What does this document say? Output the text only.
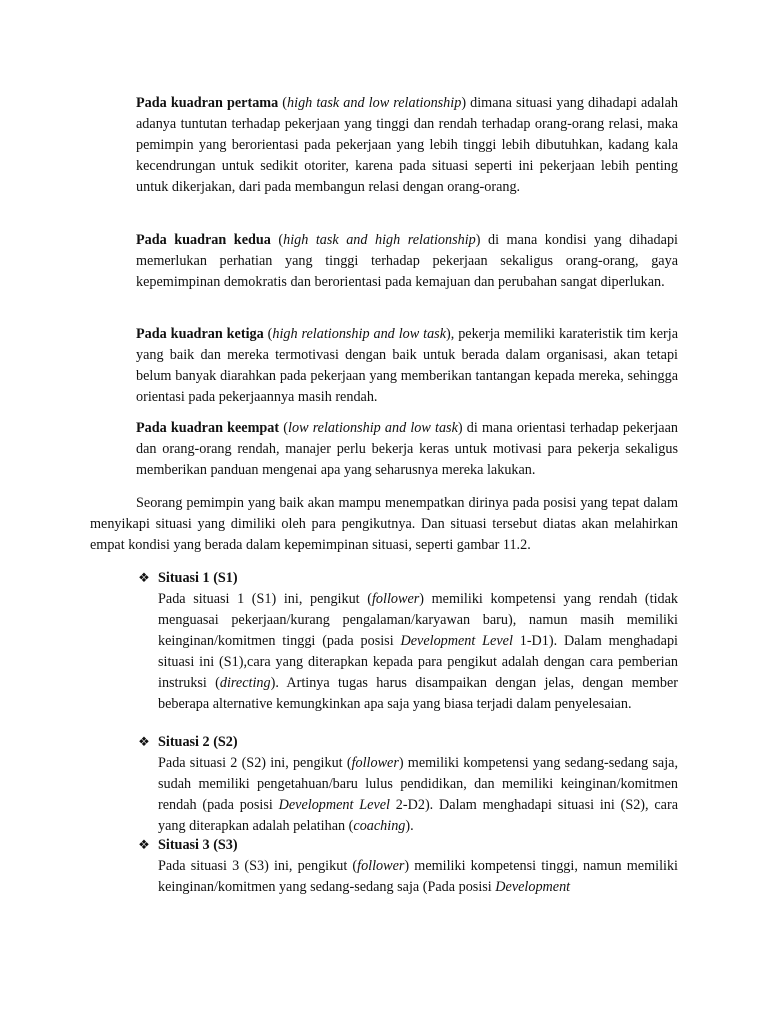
Pada kuadran pertama (high task and low relationship) dimana situasi yang dihadapi adalah adanya tuntutan terhadap pekerjaan yang tinggi dan rendah terhadap orang-orang relasi, maka pemimpin yang berorientasi pada pekerjaan yang lebih tinggi lebih dibutuhkan, kadang kala kecendrungan untuk sedikit otoriter, karena pada situasi seperti ini pekerjaan lebih penting untuk dikerjakan, dari pada membangun relasi dengan orang-orang.

Pada kuadran kedua (high task and high relationship) di mana kondisi yang dihadapi memerlukan perhatian yang tinggi terhadap pekerjaan sekaligus orang-orang, gaya kepemimpinan demokratis dan berorientasi pada kemajuan dan perubahan sangat diperlukan.

Pada kuadran ketiga (high relationship and low task), pekerja memiliki karateristik tim kerja yang baik dan mereka termotivasi dengan baik untuk berada dalam organisasi, akan tetapi belum banyak diarahkan pada pekerjaan yang memberikan tantangan kepada mereka, sehingga orientasi pada pekerjaannya masih rendah.

Pada kuadran keempat (low relationship and low task) di mana orientasi terhadap pekerjaan dan orang-orang rendah, manajer perlu bekerja keras untuk motivasi para pekerja sekaligus memberikan panduan mengenai apa yang seharusnya mereka lakukan.

Seorang pemimpin yang baik akan mampu menempatkan dirinya pada posisi yang tepat dalam menyikapi situasi yang dimiliki oleh para pengikutnya. Dan situasi tersebut diatas akan melahirkan empat kondisi yang berada dalam kepemimpinan situasi, seperti gambar 11.2.

❖ Situasi 1 (S1)
Pada situasi 1 (S1) ini, pengikut (follower) memiliki kompetensi yang rendah (tidak menguasai pekerjaan/kurang pengalaman/karyawan baru), namun masih memiliki keinginan/komitmen tinggi (pada posisi Development Level 1-D1). Dalam menghadapi situasi ini (S1),cara yang diterapkan kepada para pengikut adalah dengan cara pemberian instruksi (directing). Artinya tugas harus disampaikan dengan jelas, dengan member beberapa alternative kemungkinkan apa saja yang biasa terjadi dalam penyelesaian.
❖ Situasi 2 (S2)
Pada situasi 2 (S2) ini, pengikut (follower) memiliki kompetensi yang sedang-sedang saja, sudah memiliki pengetahuan/baru lulus pendidikan, dan memiliki keinginan/komitmen rendah (pada posisi Development Level 2-D2). Dalam menghadapi situasi ini (S2), cara yang diterapkan adalah pelatihan (coaching).
❖ Situasi 3 (S3)
Pada situasi 3 (S3) ini, pengikut (follower) memiliki kompetensi tinggi, namun memiliki keinginan/komitmen yang sedang-sedang saja (Pada posisi Development
